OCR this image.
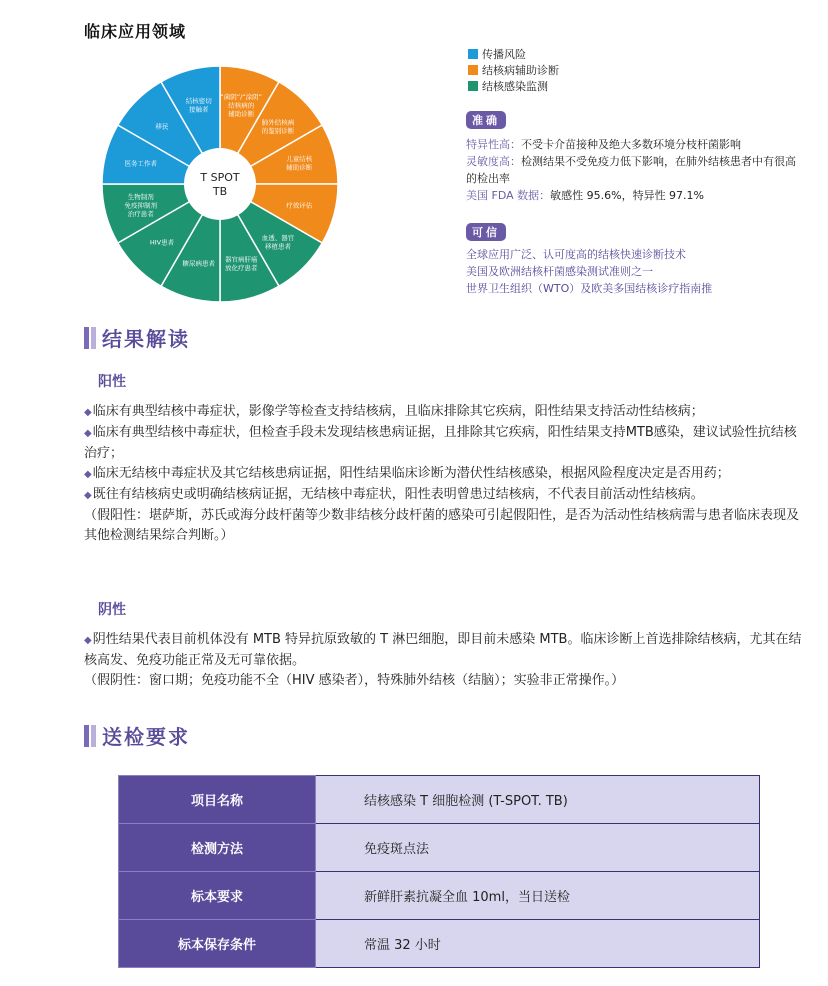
临床应用领域
“菌阴”/“涂阴”结核病的辅助诊断
肺外结核病的鉴别诊断
儿童结核辅助诊断
疗效评估
血透、器官移植患者
器官病肝癌放化疗患者
糖尿病患者
HIV患者
生物制剂免疫抑制剂治疗患者
医务工作者
移民
结核密切接触者
T SPOT TB
传播风险
结核病辅助诊断
结核感染监测
准确
特异性高：不受卡介苗接种及绝大多数环境分枝杆菌影响
灵敏度高：检测结果不受免疫力低下影响，在肺外结核患者中有很高的检出率
美国 FDA 数据：敏感性 95.6%，特异性 97.1%
可信
全球应用广泛、认可度高的结核快速诊断技术
美国及欧洲结核杆菌感染测试准则之一
世界卫生组织（WTO）及欧美多国结核诊疗指南推
结果解读
阳性
◆临床有典型结核中毒症状，影像学等检查支持结核病，且临床排除其它疾病，阳性结果支持活动性结核病；
◆临床有典型结核中毒症状，但检查手段未发现结核患病证据，且排除其它疾病，阳性结果支持MTB感染，建议试验性抗结核治疗；
◆临床无结核中毒症状及其它结核患病证据，阳性结果临床诊断为潜伏性结核感染，根据风险程度决定是否用药；
◆既往有结核病史或明确结核病证据，无结核中毒症状，阳性表明曾患过结核病，不代表目前活动性结核病。
（假阳性：堪萨斯，苏氏或海分歧杆菌等少数非结核分歧杆菌的感染可引起假阳性，是否为活动性结核病需与患者临床表现及其他检测结果综合判断。）
阴性
◆阴性结果代表目前机体没有 MTB 特异抗原致敏的 T 淋巴细胞，即目前未感染 MTB。临床诊断上首选排除结核病，尤其在结核高发、免疫功能正常及无可靠依据。
（假阴性：窗口期；免疫功能不全（HIV 感染者），特殊肺外结核（结脑）；实验非正常操作。）
送检要求
项目名称	结核感染 T 细胞检测 (T-SPOT. TB)
检测方法	免疫斑点法
标本要求	新鲜肝素抗凝全血 10ml，当日送检
标本保存条件	常温 32 小时
